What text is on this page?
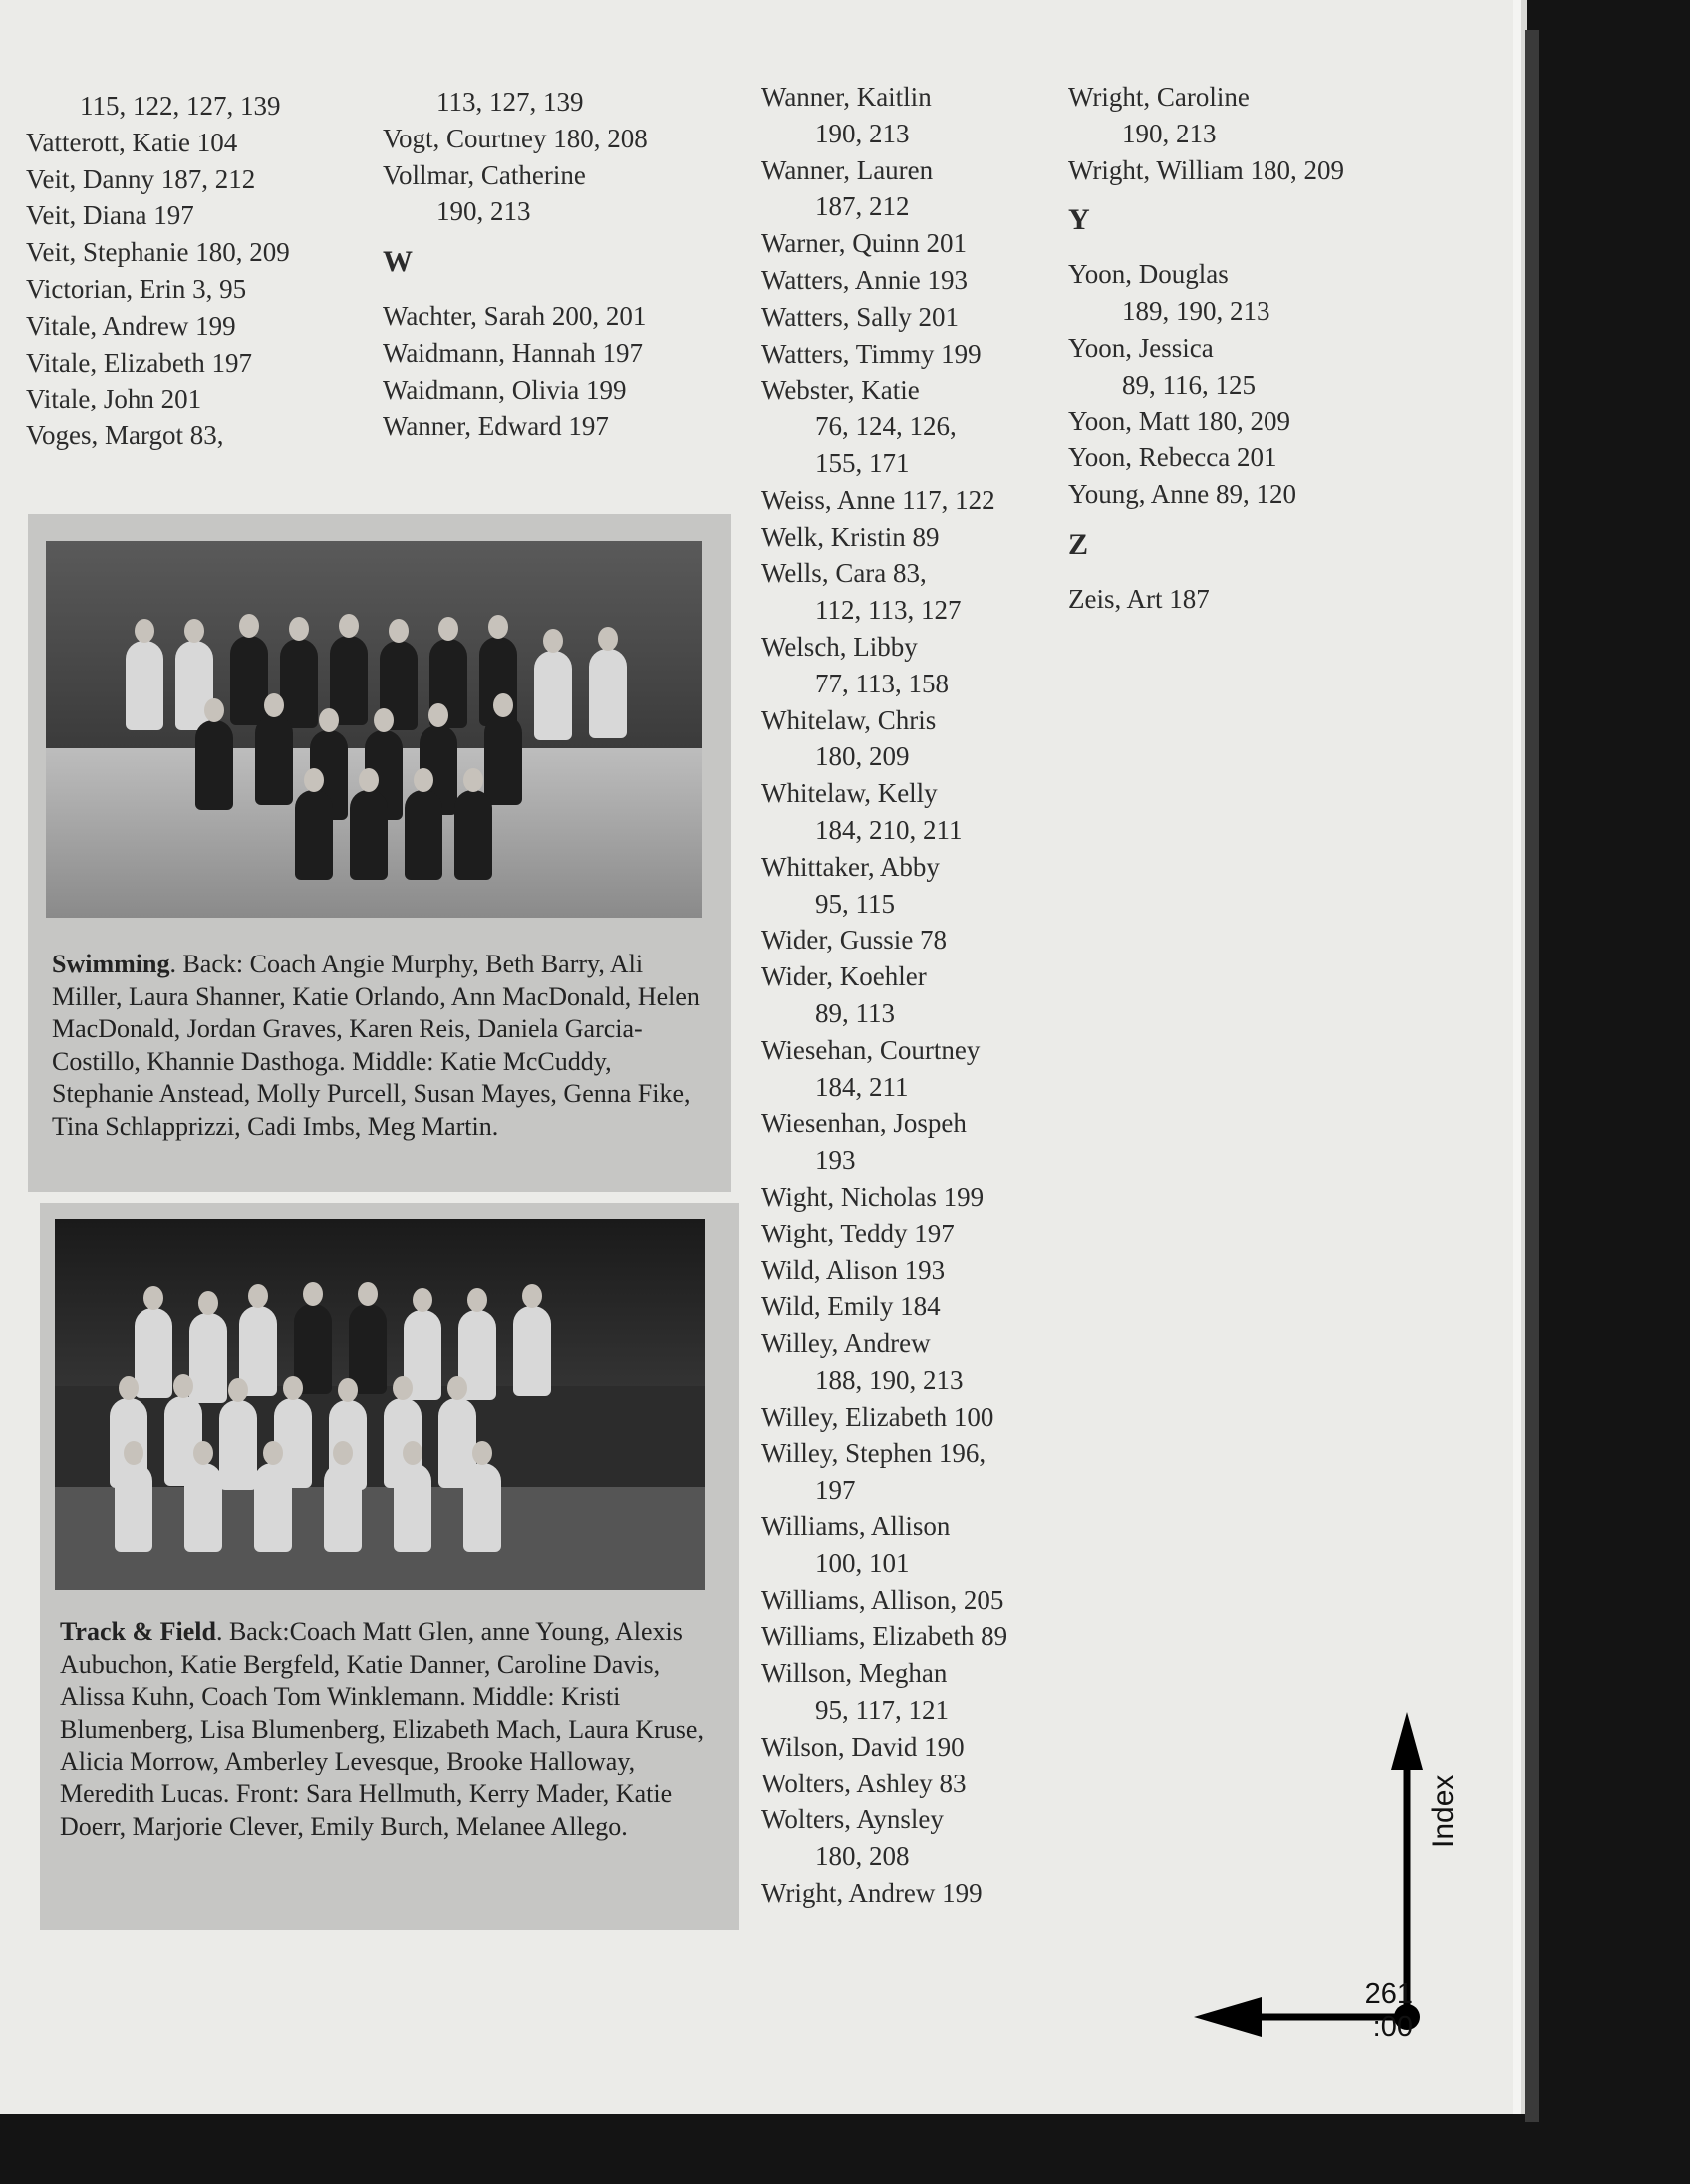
115, 122, 127, 139
Vatterott, Katie 104
Veit, Danny 187, 212
Veit, Diana 197
Veit, Stephanie 180, 209
Victorian, Erin 3, 95
Vitale, Andrew 199
Vitale, Elizabeth 197
Vitale, John 201
Voges, Margot 83,
113, 127, 139
Vogt, Courtney 180, 208
Vollmar, Catherine
190, 213
W
Wachter, Sarah 200, 201
Waidmann, Hannah 197
Waidmann, Olivia 199
Wanner, Edward 197
Wanner, Kaitlin
190, 213
Wanner, Lauren
187, 212
Warner, Quinn 201
Watters, Annie 193
Watters, Sally 201
Watters, Timmy 199
Webster, Katie
76, 124, 126,
155, 171
Weiss, Anne 117, 122
Welk, Kristin 89
Wells, Cara 83,
112, 113, 127
Welsch, Libby
77, 113, 158
Whitelaw, Chris
180, 209
Whitelaw, Kelly
184, 210, 211
Whittaker, Abby
95, 115
Wider, Gussie 78
Wider, Koehler
89, 113
Wiesehan, Courtney
184, 211
Wiesenhan, Jospeh
193
Wight, Nicholas 199
Wight, Teddy 197
Wild, Alison 193
Wild, Emily 184
Willey, Andrew
188, 190, 213
Willey, Elizabeth 100
Willey, Stephen 196,
197
Williams, Allison
100, 101
Williams, Allison, 205
Williams, Elizabeth 89
Willson, Meghan
95, 117, 121
Wilson, David 190
Wolters, Ashley 83
Wolters, Aynsley
180, 208
Wright, Andrew 199
Wright, Caroline
190, 213
Wright, William 180, 209
Y
Yoon, Douglas
189, 190, 213
Yoon, Jessica
89, 116, 125
Yoon, Matt 180, 209
Yoon, Rebecca 201
Young, Anne 89, 120
Z
Zeis, Art 187
Swimming. Back: Coach Angie Murphy, Beth Barry, Ali Miller, Laura Shanner, Katie Orlando, Ann MacDonald, Helen MacDonald, Jordan Graves, Karen Reis, Daniela Garcia-Costillo, Khannie Dasthoga. Middle: Katie McCuddy, Stephanie Anstead, Molly Purcell, Susan Mayes, Genna Fike, Tina Schlapprizzi, Cadi Imbs, Meg Martin.
Track & Field. Back:Coach Matt Glen, anne Young, Alexis Aubuchon, Katie Bergfeld, Katie Danner, Caroline Davis, Alissa Kuhn, Coach Tom Winklemann. Middle: Kristi Blumenberg, Lisa Blumenberg, Elizabeth Mach, Laura Kruse, Alicia Morrow, Amberley Levesque, Brooke Halloway, Meredith Lucas. Front: Sara Hellmuth, Kerry Mader, Katie Doerr, Marjorie Clever, Emily Burch, Melanee Allego.	Index
261 :00
